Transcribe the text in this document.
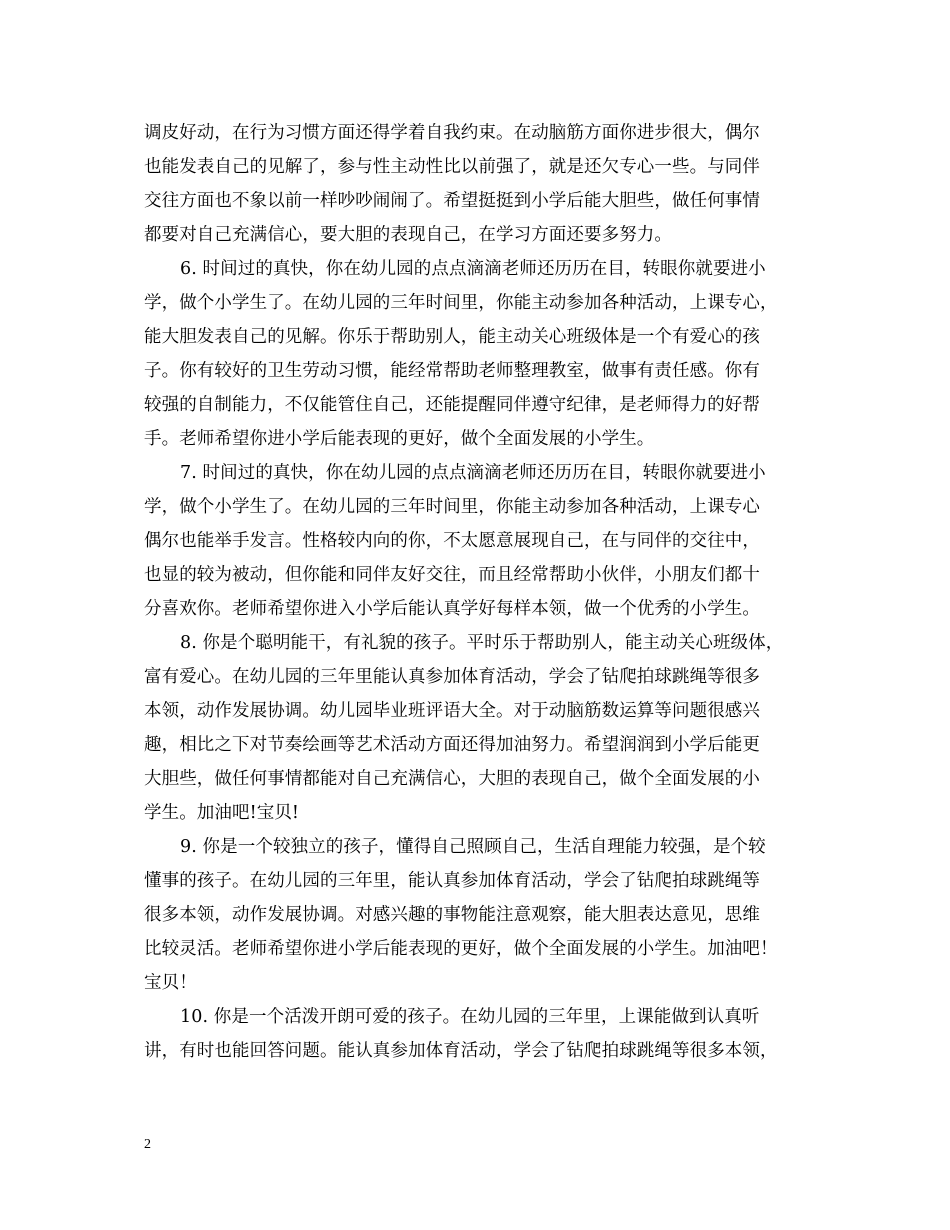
调皮好动，在行为习惯方面还得学着自我约束。在动脑筋方面你进步很大，偶尔
也能发表自己的见解了，参与性主动性比以前强了，就是还欠专心一些。与同伴
交往方面也不象以前一样吵吵闹闹了。希望挺挺到小学后能大胆些，做任何事情
都要对自己充满信心，要大胆的表现自己，在学习方面还要多努力。
6. 时间过的真快，你在幼儿园的点点滴滴老师还历历在目，转眼你就要进小
学，做个小学生了。在幼儿园的三年时间里，你能主动参加各种活动，上课专心，
能大胆发表自己的见解。你乐于帮助别人，能主动关心班级体是一个有爱心的孩
子。你有较好的卫生劳动习惯，能经常帮助老师整理教室，做事有责任感。你有
较强的自制能力，不仅能管住自己，还能提醒同伴遵守纪律，是老师得力的好帮
手。老师希望你进小学后能表现的更好，做个全面发展的小学生。
7. 时间过的真快，你在幼儿园的点点滴滴老师还历历在目，转眼你就要进小
学，做个小学生了。在幼儿园的三年时间里，你能主动参加各种活动，上课专心
偶尔也能举手发言。性格较内向的你，不太愿意展现自己，在与同伴的交往中，
也显的较为被动，但你能和同伴友好交往，而且经常帮助小伙伴，小朋友们都十
分喜欢你。老师希望你进入小学后能认真学好每样本领，做一个优秀的小学生。
8. 你是个聪明能干，有礼貌的孩子。平时乐于帮助别人，能主动关心班级体，
富有爱心。在幼儿园的三年里能认真参加体育活动，学会了钻爬拍球跳绳等很多
本领，动作发展协调。幼儿园毕业班评语大全。对于动脑筋数运算等问题很感兴
趣，相比之下对节奏绘画等艺术活动方面还得加油努力。希望润润到小学后能更
大胆些，做任何事情都能对自己充满信心，大胆的表现自己，做个全面发展的小
学生。加油吧!宝贝!
9. 你是一个较独立的孩子，懂得自己照顾自己，生活自理能力较强，是个较
懂事的孩子。在幼儿园的三年里，能认真参加体育活动，学会了钻爬拍球跳绳等
很多本领，动作发展协调。对感兴趣的事物能注意观察，能大胆表达意见，思维
比较灵活。老师希望你进小学后能表现的更好，做个全面发展的小学生。加油吧！
宝贝！
10. 你是一个活泼开朗可爱的孩子。在幼儿园的三年里，上课能做到认真听
讲，有时也能回答问题。能认真参加体育活动，学会了钻爬拍球跳绳等很多本领，
2
